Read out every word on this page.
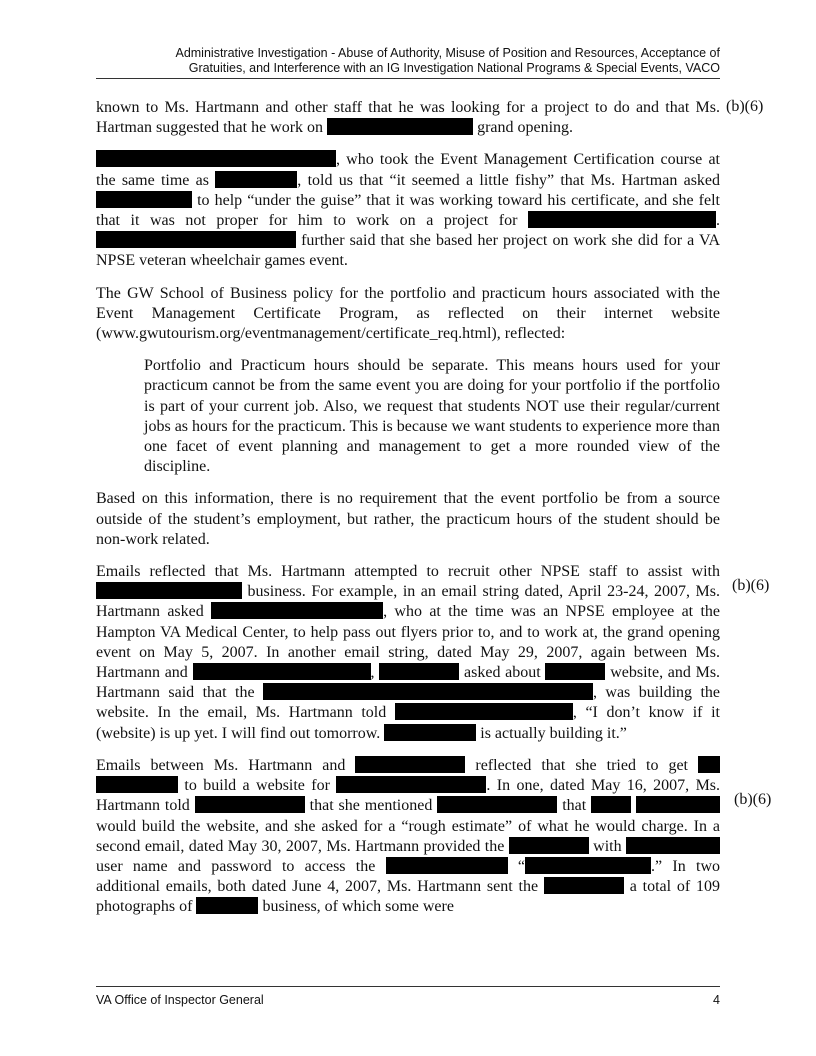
Administrative Investigation - Abuse of Authority, Misuse of Position and Resources, Acceptance of
Gratuities, and Interference with an IG Investigation National Programs & Special Events, VACO
(b)(6)
(b)(6)
(b)(6)

known to Ms. Hartmann and other staff that he was looking for a project to do and that Ms. Hartman suggested that he work on	grand opening.

, who took the Event Management Certification course at the same time as	, told us that “it seemed a little fishy” that Ms. Hartman asked  to help “under the guise” that it was working toward his certificate, and she felt that it was not proper for him to work on a project for	.  further said that she based her project on work she did for a VA NPSE veteran wheelchair games event.

The GW School of Business policy for the portfolio and practicum hours associated with the Event Management Certificate Program, as reflected on their internet website (www.gwutourism.org/eventmanagement/certificate_req.html), reflected:

Portfolio and Practicum hours should be separate. This means hours used for your practicum cannot be from the same event you are doing for your portfolio if the portfolio is part of your current job. Also, we request that students NOT use their regular/current jobs as hours for the practicum. This is because we want students to experience more than one facet of event planning and management to get a more rounded view of the discipline.

Based on this information, there is no requirement that the event portfolio be from a source outside of the student’s employment, but rather, the practicum hours of the student should be non-work related.

Emails reflected that Ms. Hartmann attempted to recruit other NPSE staff to assist with  business. For example, in an email string dated, April 23-24, 2007, Ms. Hartmann asked	, who at the time was an NPSE employee at the Hampton VA Medical Center, to help pass out flyers prior to, and to work at, the grand opening event on May 5, 2007. In another email string, dated May 29, 2007, again between Ms. Hartmann and	,	asked about	website, and Ms. Hartmann said that the	, was building the website. In the email, Ms. Hartmann told	, “I don’t know if it (website) is up yet. I will find out tomorrow.	is actually building it.”

Emails between Ms. Hartmann and	reflected that she tried to get   to build a website for	. In one, dated May 16, 2007, Ms. Hartmann told	that she mentioned	that   would build the website, and she asked for a “rough estimate” of what he would charge. In a second email, dated May 30, 2007, Ms. Hartmann provided the	with  user name and password to access the	“	.” In two additional emails, both dated June 4, 2007, Ms. Hartmann sent the	a total of 109 photographs of	business, of which some were

VA Office of Inspector General	4
